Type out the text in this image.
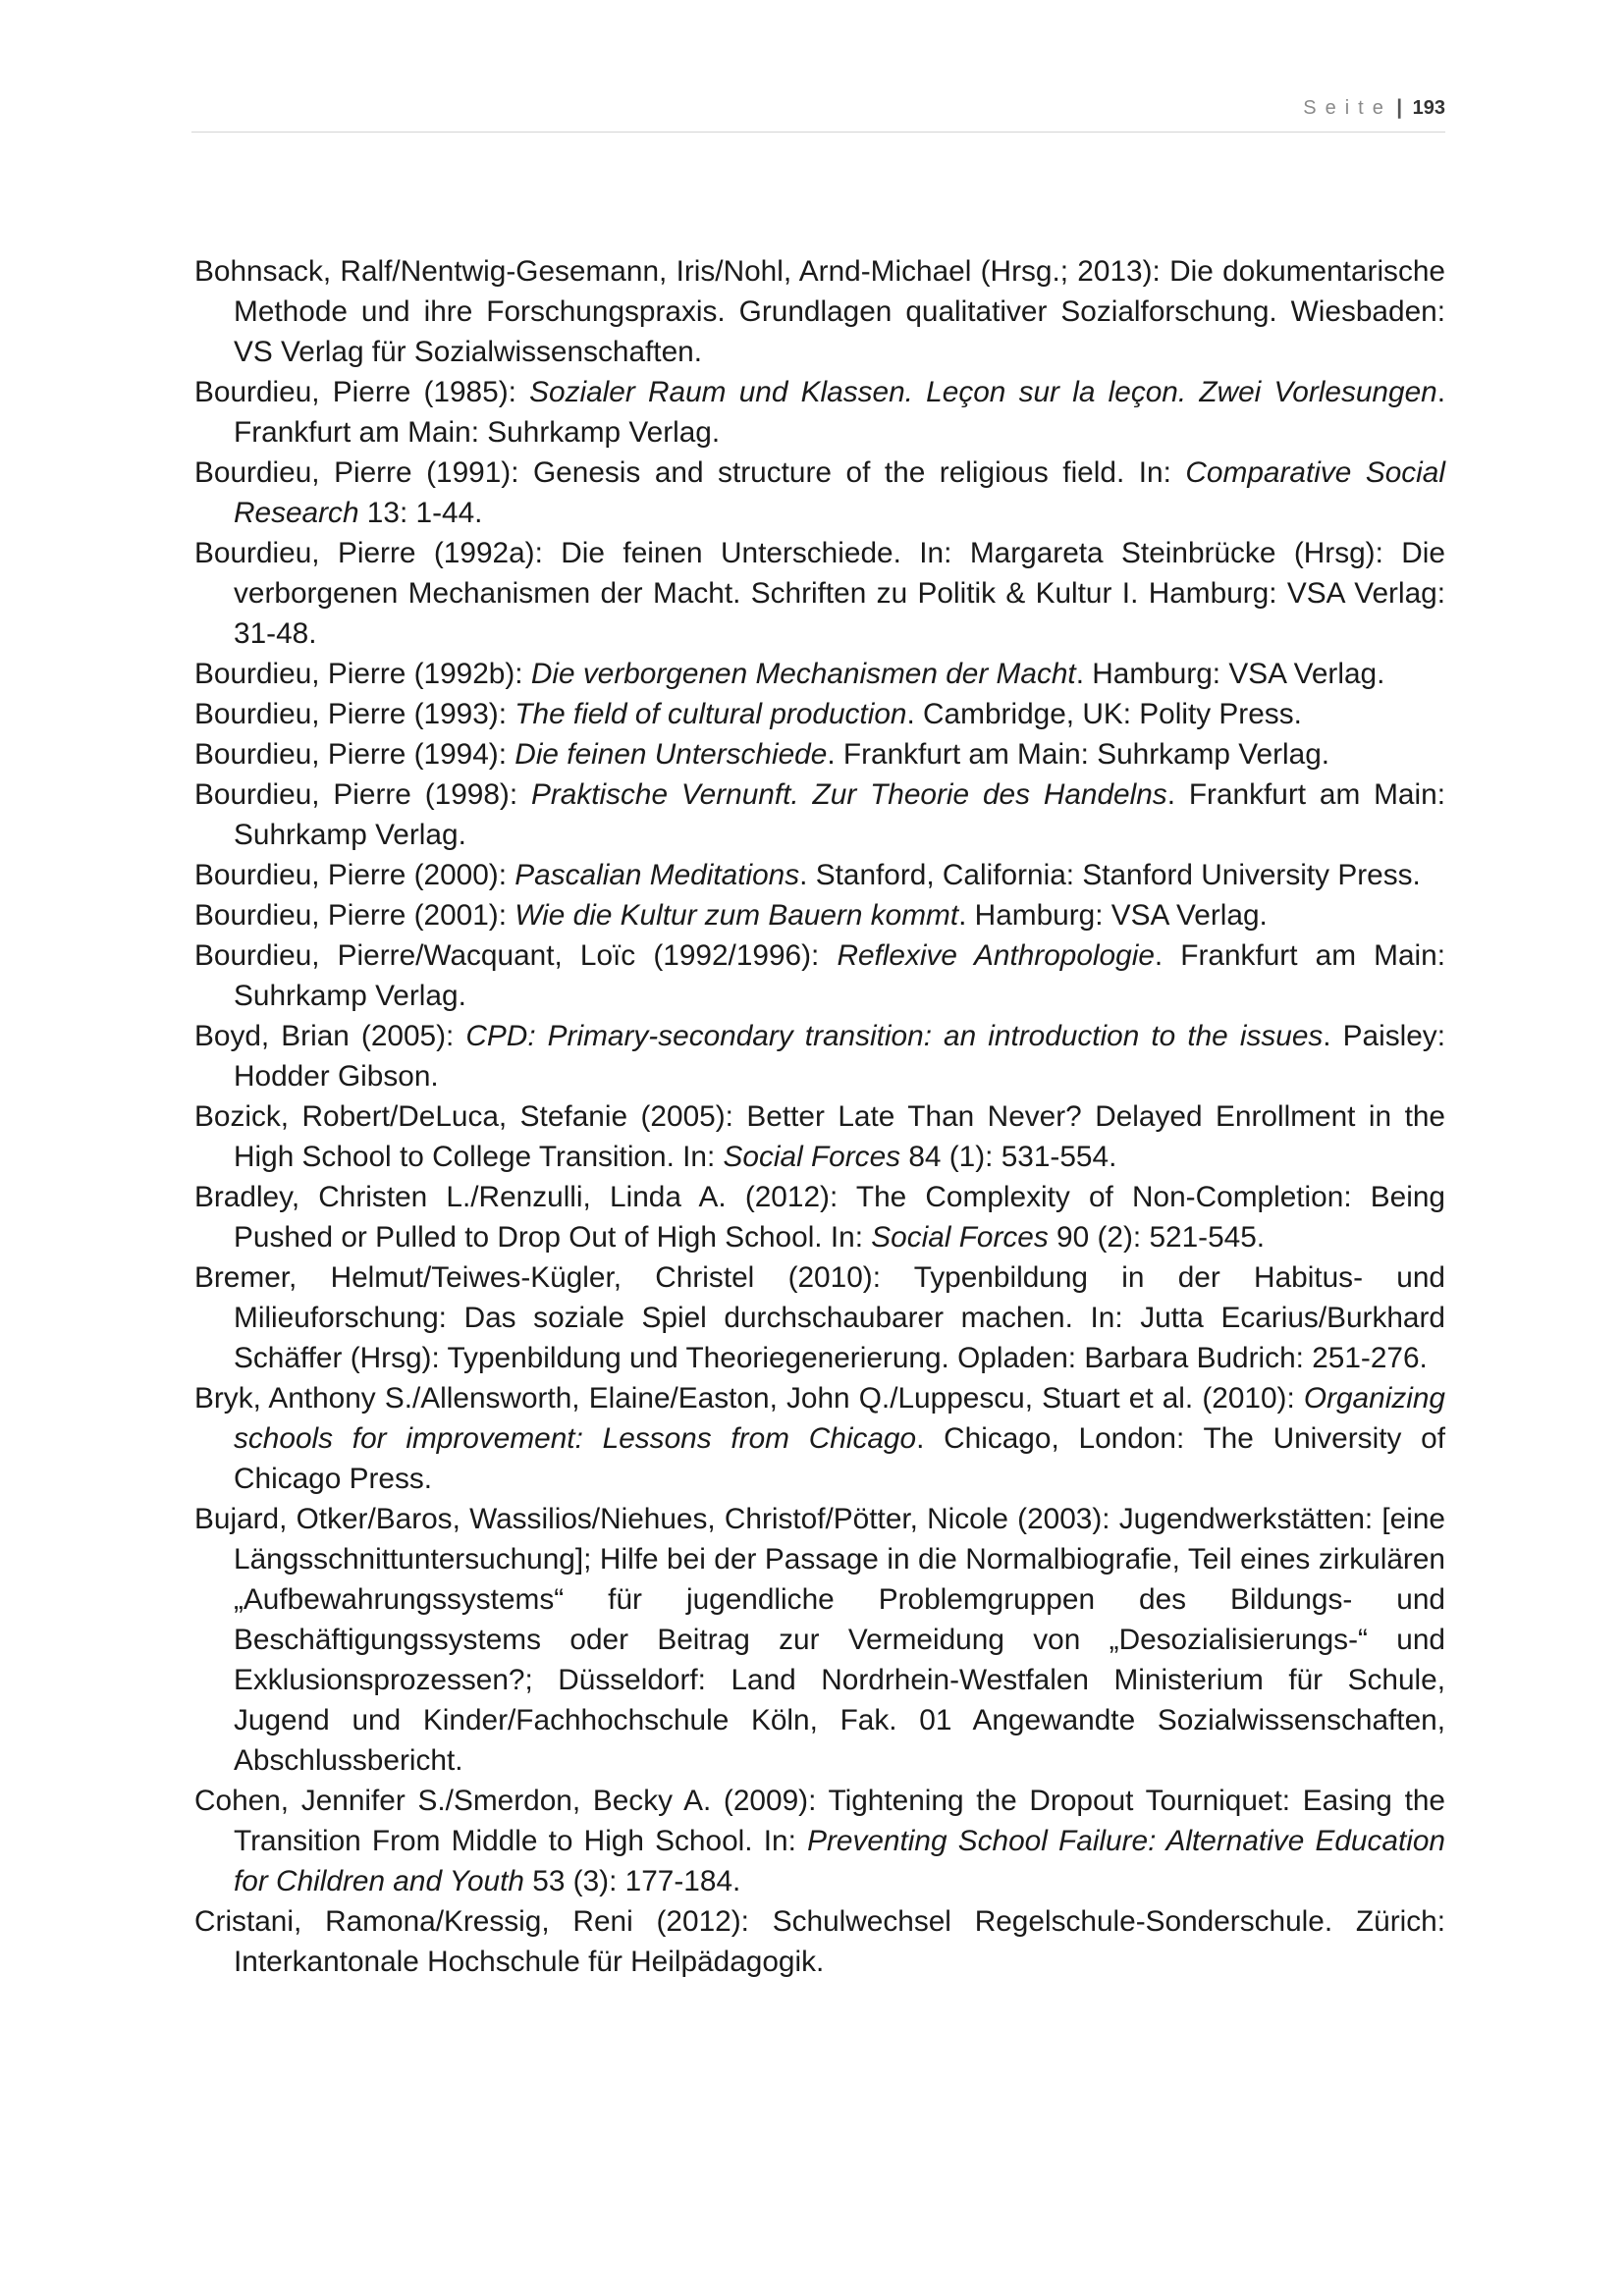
Seite | 193
Bohnsack, Ralf/Nentwig-Gesemann, Iris/Nohl, Arnd-Michael (Hrsg.; 2013): Die dokumentarische Methode und ihre Forschungspraxis. Grundlagen qualitativer Sozialforschung. Wiesbaden: VS Verlag für Sozialwissenschaften.
Bourdieu, Pierre (1985): Sozialer Raum und Klassen. Leçon sur la leçon. Zwei Vorlesungen. Frankfurt am Main: Suhrkamp Verlag.
Bourdieu, Pierre (1991): Genesis and structure of the religious field. In: Comparative Social Research 13: 1-44.
Bourdieu, Pierre (1992a): Die feinen Unterschiede. In: Margareta Steinbrücke (Hrsg): Die verborgenen Mechanismen der Macht. Schriften zu Politik & Kultur I. Hamburg: VSA Verlag: 31-48.
Bourdieu, Pierre (1992b): Die verborgenen Mechanismen der Macht. Hamburg: VSA Verlag.
Bourdieu, Pierre (1993): The field of cultural production. Cambridge, UK: Polity Press.
Bourdieu, Pierre (1994): Die feinen Unterschiede. Frankfurt am Main: Suhrkamp Verlag.
Bourdieu, Pierre (1998): Praktische Vernunft. Zur Theorie des Handelns. Frankfurt am Main: Suhrkamp Verlag.
Bourdieu, Pierre (2000): Pascalian Meditations. Stanford, California: Stanford University Press.
Bourdieu, Pierre (2001): Wie die Kultur zum Bauern kommt. Hamburg: VSA Verlag.
Bourdieu, Pierre/Wacquant, Loïc (1992/1996): Reflexive Anthropologie. Frankfurt am Main: Suhrkamp Verlag.
Boyd, Brian (2005): CPD: Primary-secondary transition: an introduction to the issues. Paisley: Hodder Gibson.
Bozick, Robert/DeLuca, Stefanie (2005): Better Late Than Never? Delayed Enrollment in the High School to College Transition. In: Social Forces 84 (1): 531-554.
Bradley, Christen L./Renzulli, Linda A. (2012): The Complexity of Non-Completion: Being Pushed or Pulled to Drop Out of High School. In: Social Forces 90 (2): 521-545.
Bremer, Helmut/Teiwes-Kügler, Christel (2010): Typenbildung in der Habitus- und Milieuforschung: Das soziale Spiel durchschaubarer machen. In: Jutta Ecarius/Burkhard Schäffer (Hrsg): Typenbildung und Theoriegenerierung. Opladen: Barbara Budrich: 251-276.
Bryk, Anthony S./Allensworth, Elaine/Easton, John Q./Luppescu, Stuart et al. (2010): Organizing schools for improvement: Lessons from Chicago. Chicago, London: The University of Chicago Press.
Bujard, Otker/Baros, Wassilios/Niehues, Christof/Pötter, Nicole (2003): Jugendwerkstätten: [eine Längsschnittuntersuchung]; Hilfe bei der Passage in die Normalbiografie, Teil eines zirkulären „Aufbewahrungssystems“ für jugendliche Problemgruppen des Bildungs- und Beschäftigungssystems oder Beitrag zur Vermeidung von „Desozialisierungs-“ und Exklusionsprozessen?; Düsseldorf: Land Nordrhein-Westfalen Ministerium für Schule, Jugend und Kinder/Fachhochschule Köln, Fak. 01 Angewandte Sozialwissenschaften, Abschlussbericht.
Cohen, Jennifer S./Smerdon, Becky A. (2009): Tightening the Dropout Tourniquet: Easing the Transition From Middle to High School. In: Preventing School Failure: Alternative Education for Children and Youth 53 (3): 177-184.
Cristani, Ramona/Kressig, Reni (2012): Schulwechsel Regelschule-Sonderschule. Zürich: Interkantonale Hochschule für Heilpädagogik.
